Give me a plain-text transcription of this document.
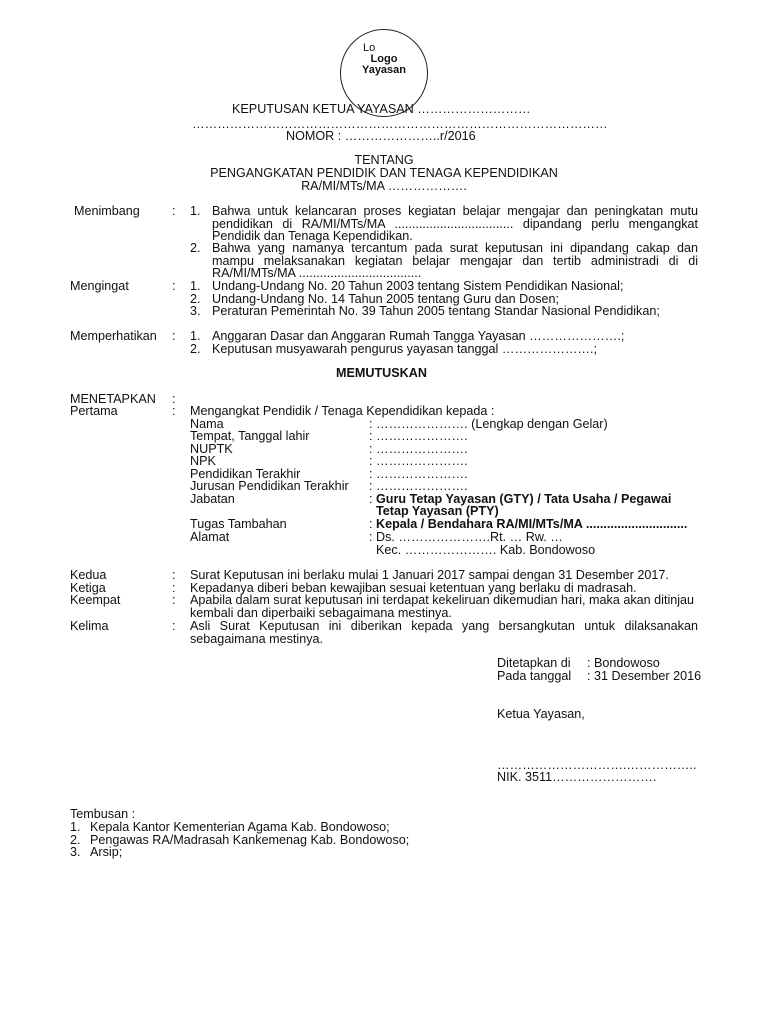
Lo
Logo
Yayasan
KEPUTUSAN KETUA YAYASAN ………………………
………………………………………………………………………………………
NOMOR : …………………..r/2016
TENTANG
PENGANGKATAN PENDIDIK DAN TENAGA KEPENDIDIKAN
RA/MI/MTs/MA ……………….
Menimbang	: 1. Bahwa untuk kelancaran proses kegiatan belajar mengajar dan peningkatan mutu
pendidikan di RA/MI/MTs/MA .................................. dipandang perlu mengangkat
Pendidik dan Tenaga Kependidikan.
2. Bahwa yang namanya tercantum pada surat keputusan ini dipandang cakap dan
mampu melaksanakan kegiatan belajar mengajar dan tertib administradi di di
RA/MI/MTs/MA ...................................
Mengingat	: 1. Undang-Undang No. 20 Tahun 2003 tentang Sistem Pendidikan Nasional;
2. Undang-Undang No. 14 Tahun 2005 tentang Guru dan Dosen;
3. Peraturan Pemerintah No. 39 Tahun 2005 tentang Standar Nasional Pendidikan;
Memperhatikan : 1. Anggaran Dasar dan Anggaran Rumah Tangga Yayasan ………………….;
2. Keputusan musyawarah pengurus yayasan tanggal ………………….;
MEMUTUSKAN
MENETAPKAN :
Pertama	: Mengangkat Pendidik / Tenaga Kependidikan kepada :
Nama	: …………………. (Lengkap dengan Gelar)
Tempat, Tanggal lahir	: ………………….
NUPTK	: ………………….
NPK	: ………………….
Pendidikan Terakhir	: ………………….
Jurusan Pendidikan Terakhir : ………………….
Jabatan	: Guru Tetap Yayasan (GTY) / Tata Usaha / Pegawai
Tetap Yayasan (PTY)
Tugas Tambahan	: Kepala / Bendahara RA/MI/MTs/MA .............................
Alamat	: Ds. ………………….Rt. … Rw. …
Kec. …………………. Kab. Bondowoso
Kedua	: Surat Keputusan ini berlaku mulai 1 Januari 2017 sampai dengan 31 Desember 2017.
Ketiga	: Kepadanya diberi beban kewajiban sesuai ketentuan yang berlaku di madrasah.
Keempat	: Apabila dalam surat keputusan ini terdapat kekeliruan dikemudian hari, maka akan ditinjau
kembali dan diperbaiki sebagaimana mestinya.
Kelima	: Asli Surat Keputusan ini diberikan kepada yang bersangkutan untuk dilaksanakan
sebagaimana mestinya.
Ditetapkan di : Bondowoso
Pada tanggal : 31 Desember 2016
Ketua Yayasan,
………………………….……………..
NIK. 3511…………………….
Tembusan :
1. Kepala Kantor Kementerian Agama Kab. Bondowoso;
2. Pengawas RA/Madrasah Kankemenag Kab. Bondowoso;
3. Arsip;
